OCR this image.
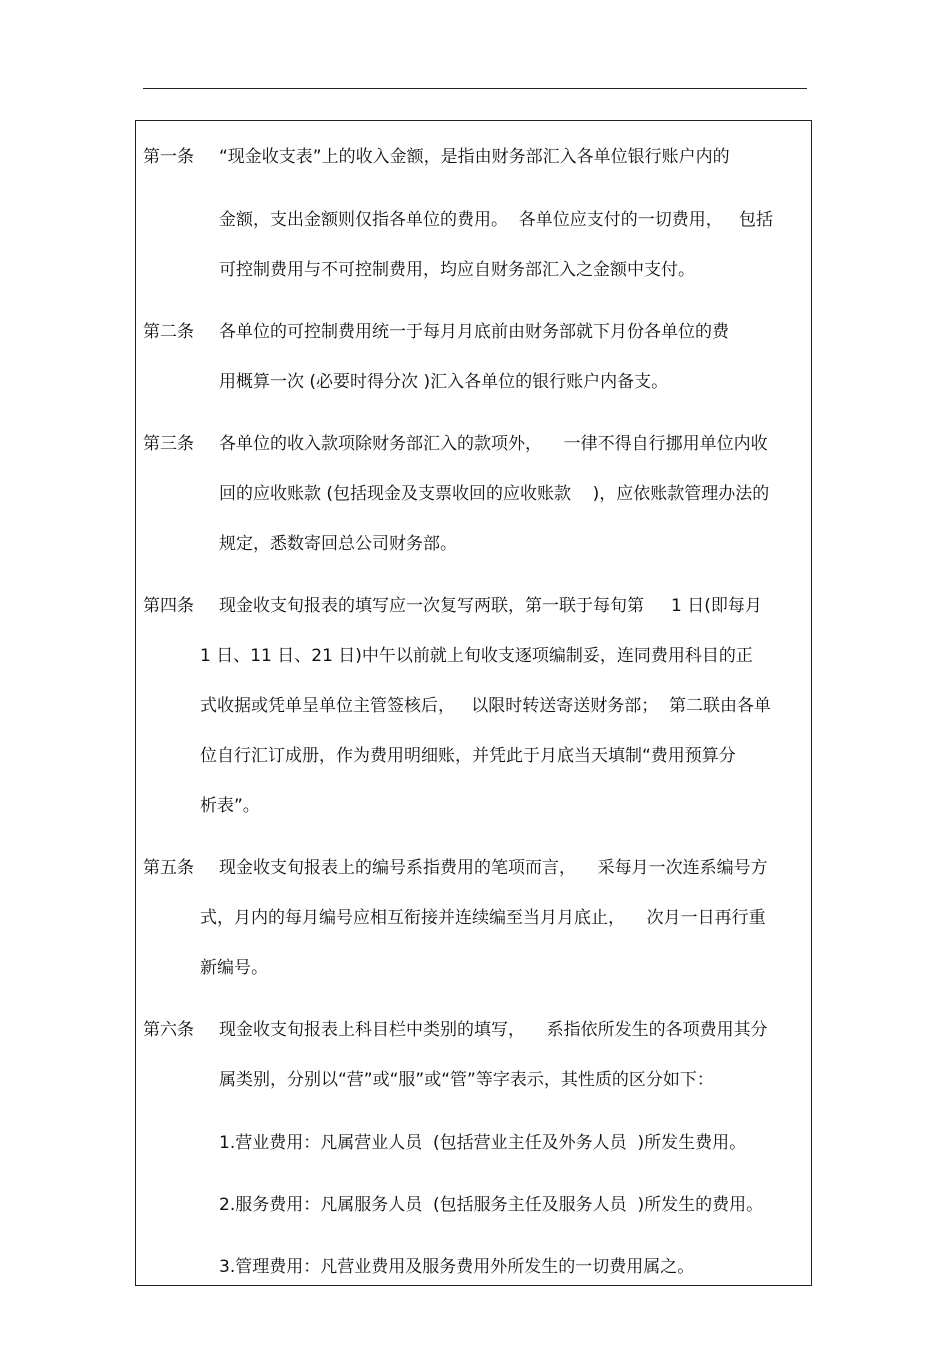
第一条 “现金收支表”上的收入金额，是指由财务部汇入各单位银行账户内的
金额，支出金额则仅指各单位的费用。  各单位应支付的一切费用，   包括
可控制费用与不可控制费用，均应自财务部汇入之金额中支付。
第二条 各单位的可控制费用统一于每月月底前由财务部就下月份各单位的费
用概算一次 (必要时得分次 )汇入各单位的银行账户内备支。
第三条 各单位的收入款项除财务部汇入的款项外，    一律不得自行挪用单位内收
回的应收账款 (包括现金及支票收回的应收账款    )，应依账款管理办法的
规定，悉数寄回总公司财务部。
第四条 现金收支旬报表的填写应一次复写两联，第一联于每旬第     1 日(即每月
1 日、11 日、21 日)中午以前就上旬收支逐项编制妥，连同费用科目的正
式收据或凭单呈单位主管签核后，   以限时转送寄送财务部；  第二联由各单
位自行汇订成册，作为费用明细账，并凭此于月底当天填制“费用预算分
析表”。
第五条 现金收支旬报表上的编号系指费用的笔项而言，    采每月一次连系编号方
式，月内的每月编号应相互衔接并连续编至当月月底止，    次月一日再行重
新编号。
第六条 现金收支旬报表上科目栏中类别的填写，    系指依所发生的各项费用其分
属类别，分别以“营”或“服”或“管”等字表示，其性质的区分如下：
1.营业费用：凡属营业人员  (包括营业主任及外务人员  )所发生费用。
2.服务费用：凡属服务人员  (包括服务主任及服务人员  )所发生的费用。
3.管理费用：凡营业费用及服务费用外所发生的一切费用属之。
